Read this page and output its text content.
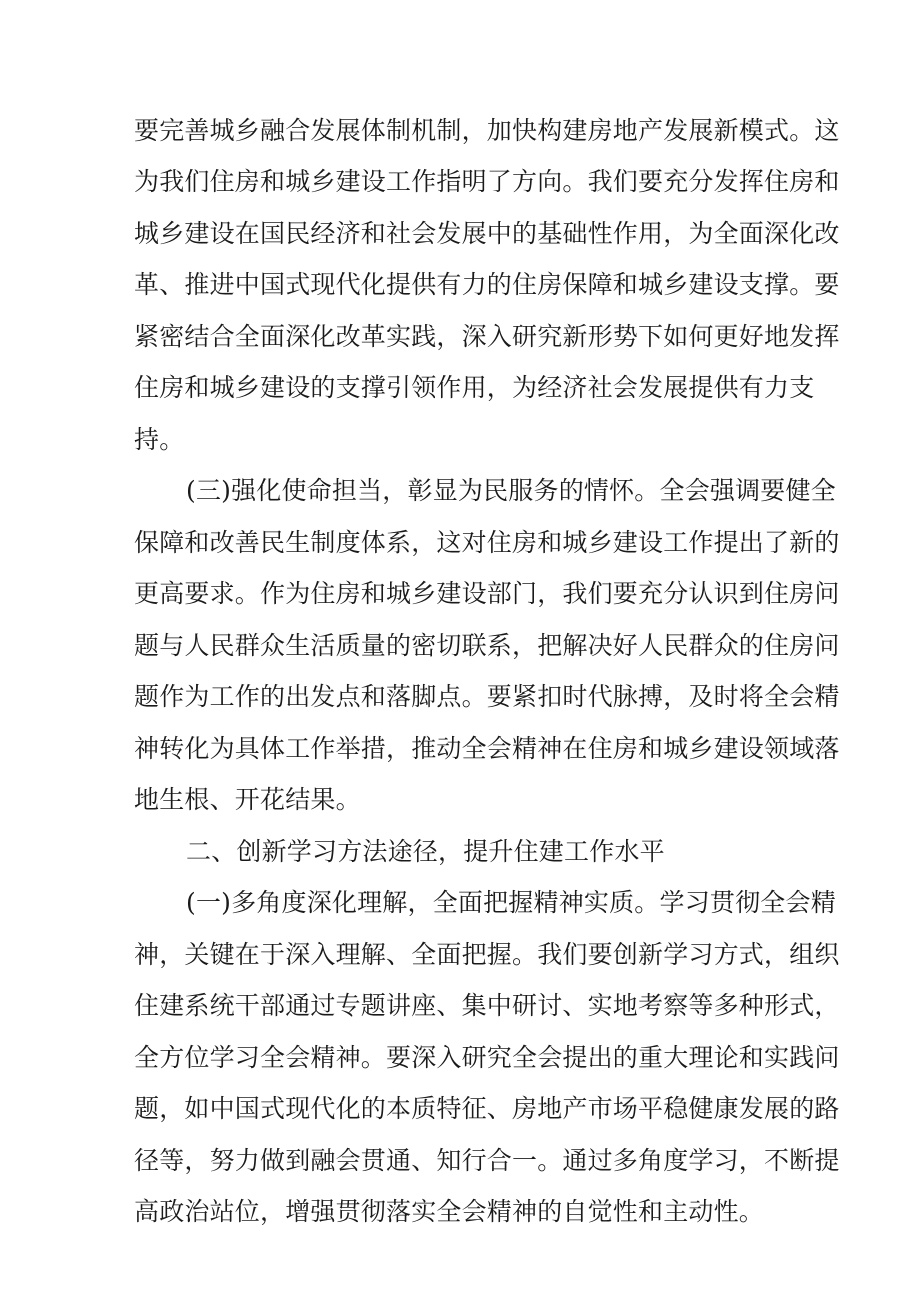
要完善城乡融合发展体制机制，加快构建房地产发展新模式。这
为我们住房和城乡建设工作指明了方向。我们要充分发挥住房和
城乡建设在国民经济和社会发展中的基础性作用，为全面深化改
革、推进中国式现代化提供有力的住房保障和城乡建设支撑。要
紧密结合全面深化改革实践，深入研究新形势下如何更好地发挥
住房和城乡建设的支撑引领作用，为经济社会发展提供有力支
持。
(三)强化使命担当，彰显为民服务的情怀。全会强调要健全
保障和改善民生制度体系，这对住房和城乡建设工作提出了新的
更高要求。作为住房和城乡建设部门，我们要充分认识到住房问
题与人民群众生活质量的密切联系，把解决好人民群众的住房问
题作为工作的出发点和落脚点。要紧扣时代脉搏，及时将全会精
神转化为具体工作举措，推动全会精神在住房和城乡建设领域落
地生根、开花结果。
二、创新学习方法途径，提升住建工作水平
(一)多角度深化理解，全面把握精神实质。学习贯彻全会精
神，关键在于深入理解、全面把握。我们要创新学习方式，组织
住建系统干部通过专题讲座、集中研讨、实地考察等多种形式，
全方位学习全会精神。要深入研究全会提出的重大理论和实践问
题，如中国式现代化的本质特征、房地产市场平稳健康发展的路
径等，努力做到融会贯通、知行合一。通过多角度学习，不断提
高政治站位，增强贯彻落实全会精神的自觉性和主动性。
